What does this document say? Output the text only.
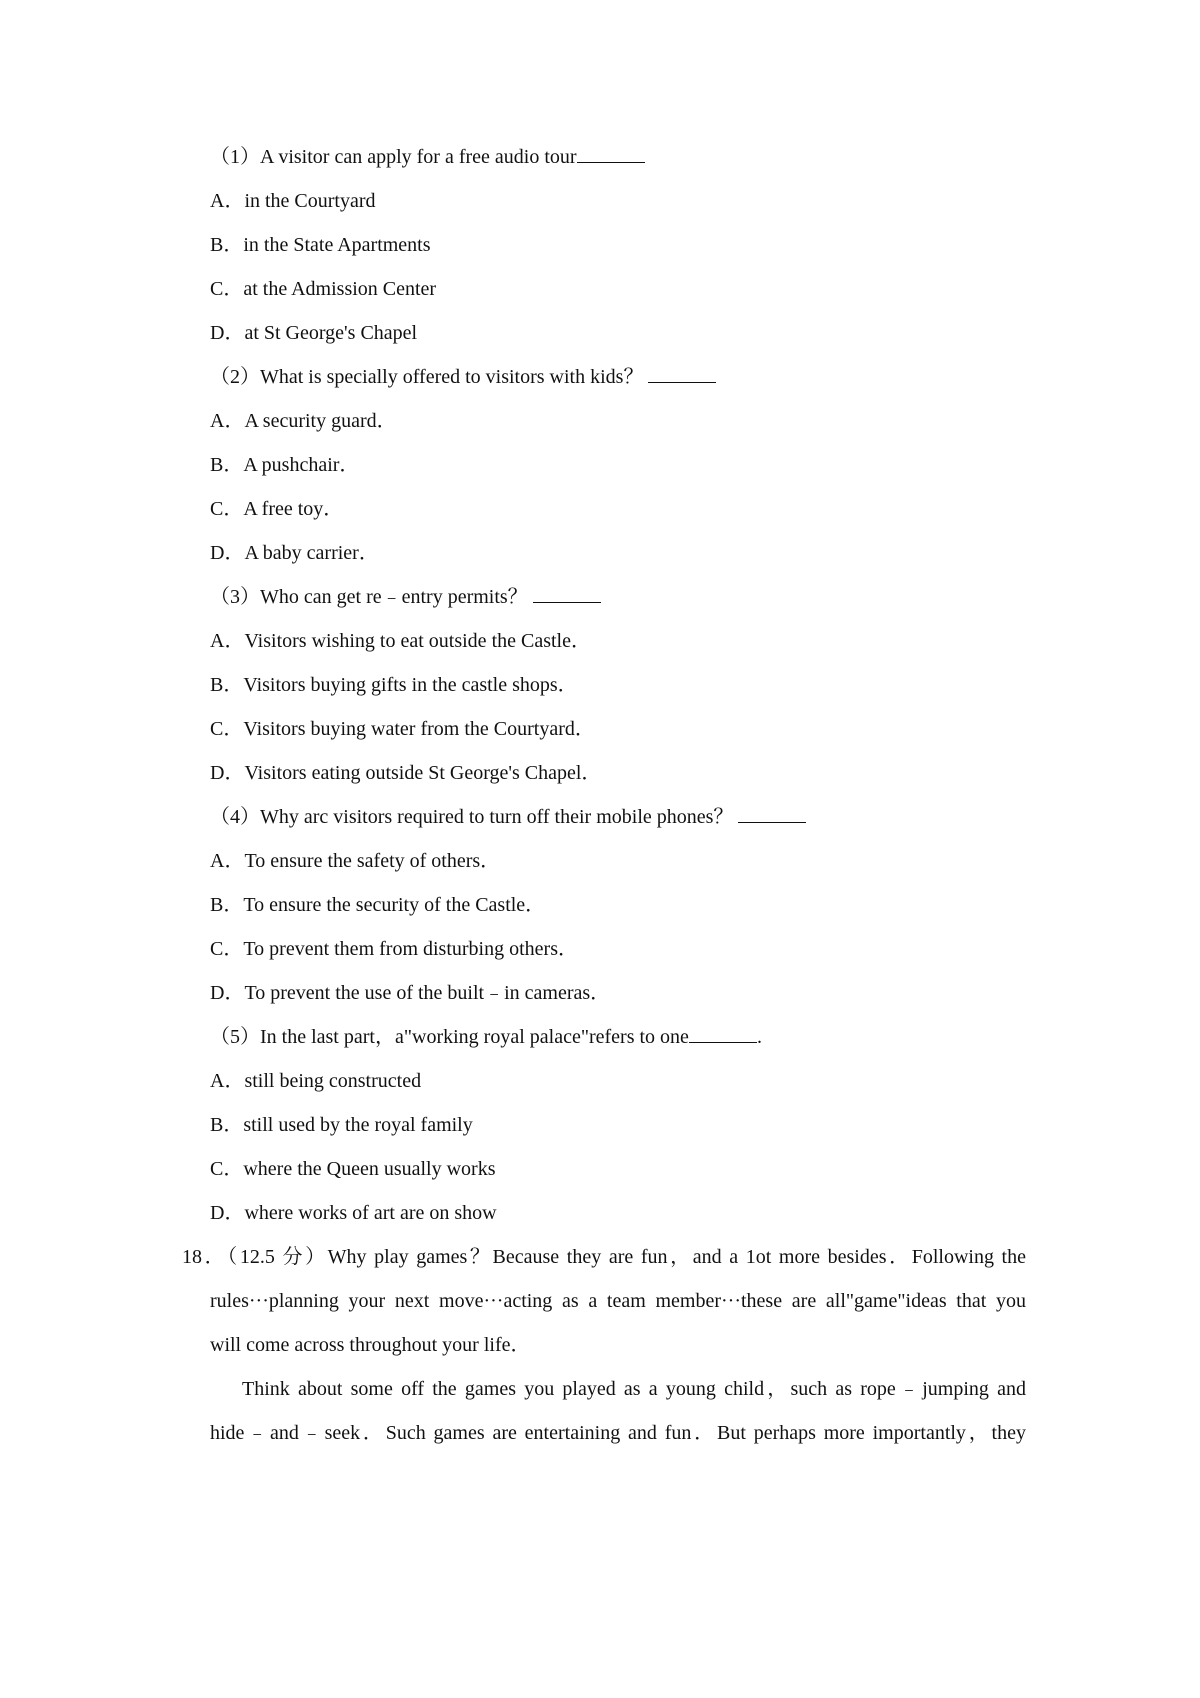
（1）A visitor can apply for a free audio tour
A．in the Courtyard
B．in the State Apartments
C．at the Admission Center
D．at St George's Chapel
（2）What is specially offered to visitors with kids？
A．A security guard．
B．A pushchair．
C．A free toy．
D．A baby carrier．
（3）Who can get re﹣entry permits？
A．Visitors wishing to eat outside the Castle．
B．Visitors buying gifts in the castle shops．
C．Visitors buying water from the Courtyard．
D．Visitors eating outside St George's Chapel．
（4）Why arc visitors required to turn off their mobile phones？
A．To ensure the safety of others．
B．To ensure the security of the Castle．
C．To prevent them from disturbing others．
D．To prevent the use of the built﹣in cameras．
（5）In the last part，a"working royal palace"refers to one	.
A．still being constructed
B．still used by the royal family
C．where the Queen usually works
D．where works of art are on show
18．（12.5 分）Why play games？Because they are fun，and a 1ot more besides．Following the
rules···planning your next move···acting as a team member···these are all"game"ideas that you
will come across throughout your life．
Think about some off the games you played as a young child，such as rope﹣jumping and
hide﹣and﹣seek．Such games are entertaining and fun．But perhaps more importantly，they
